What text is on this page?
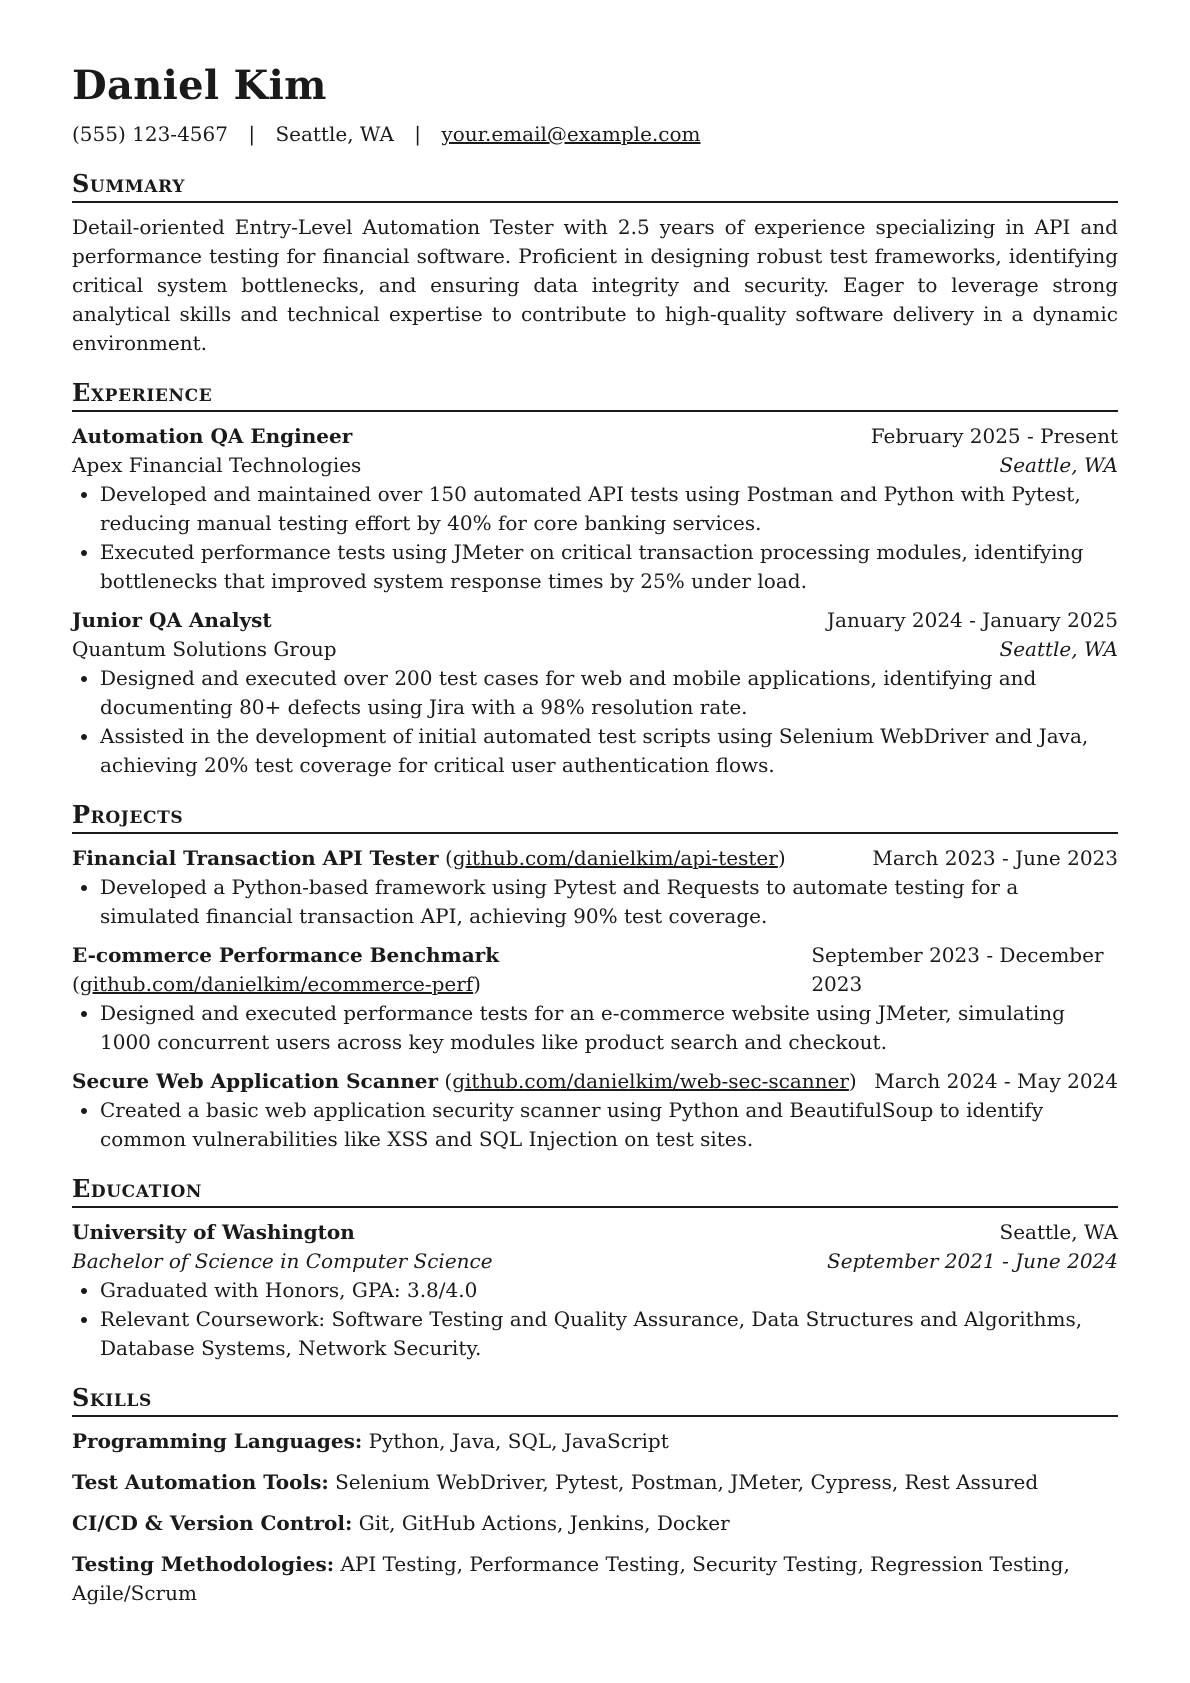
Daniel Kim
(555) 123-4567 | Seattle, WA | your.email@example.com
Summary
Detail-oriented Entry-Level Automation Tester with 2.5 years of experience specializing in API and performance testing for financial software. Proficient in designing robust test frameworks, identifying critical system bottlenecks, and ensuring data integrity and security. Eager to leverage strong analytical skills and technical expertise to contribute to high-quality software delivery in a dynamic environment.
Experience
Automation QA Engineer	February 2025 - Present
Apex Financial Technologies	Seattle, WA
• Developed and maintained over 150 automated API tests using Postman and Python with Pytest, reducing manual testing effort by 40% for core banking services.
• Executed performance tests using JMeter on critical transaction processing modules, identifying bottlenecks that improved system response times by 25% under load.
Junior QA Analyst	January 2024 - January 2025
Quantum Solutions Group	Seattle, WA
• Designed and executed over 200 test cases for web and mobile applications, identifying and documenting 80+ defects using Jira with a 98% resolution rate.
• Assisted in the development of initial automated test scripts using Selenium WebDriver and Java, achieving 20% test coverage for critical user authentication flows.
Projects
Financial Transaction API Tester (github.com/danielkim/api-tester)	March 2023 - June 2023
• Developed a Python-based framework using Pytest and Requests to automate testing for a simulated financial transaction API, achieving 90% test coverage.
E-commerce Performance Benchmark (github.com/danielkim/ecommerce-perf)
September 2023 - December 2023
• Designed and executed performance tests for an e-commerce website using JMeter, simulating 1000 concurrent users across key modules like product search and checkout.
Secure Web Application Scanner (github.com/danielkim/web-sec-scanner) March 2024 - May 2024
• Created a basic web application security scanner using Python and BeautifulSoup to identify common vulnerabilities like XSS and SQL Injection on test sites.
Education
University of Washington	Seattle, WA
Bachelor of Science in Computer Science	September 2021 - June 2024
• Graduated with Honors, GPA: 3.8/4.0
• Relevant Coursework: Software Testing and Quality Assurance, Data Structures and Algorithms, Database Systems, Network Security.
Skills
Programming Languages: Python, Java, SQL, JavaScript
Test Automation Tools: Selenium WebDriver, Pytest, Postman, JMeter, Cypress, Rest Assured
CI/CD & Version Control: Git, GitHub Actions, Jenkins, Docker
Testing Methodologies: API Testing, Performance Testing, Security Testing, Regression Testing, Agile/Scrum
